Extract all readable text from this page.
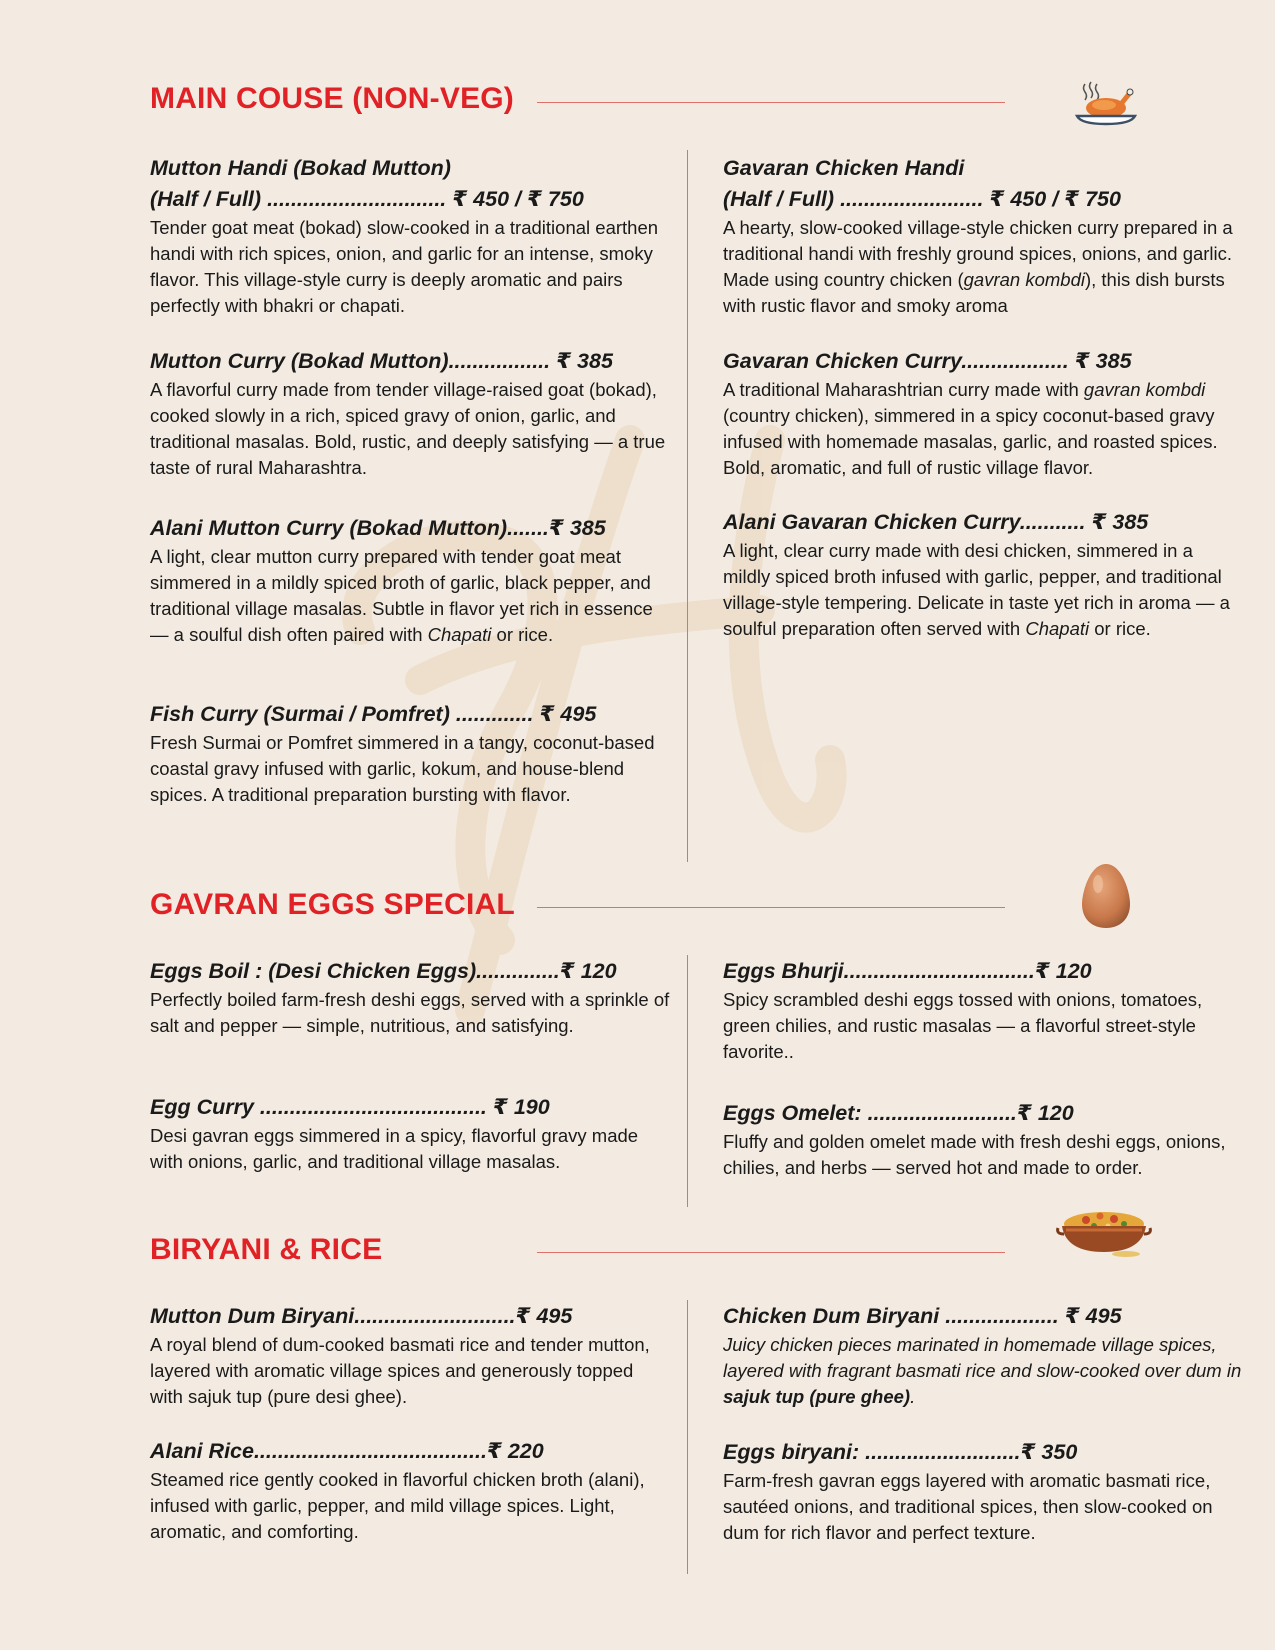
MAIN COUSE (NON-VEG)
Mutton Handi (Bokad Mutton)
(Half / Full) .............................. ₹ 450 / ₹ 750
Tender goat meat (bokad) slow-cooked in a traditional earthen handi with rich spices, onion, and garlic for an intense, smoky flavor. This village-style curry is deeply aromatic and pairs perfectly with bhakri or chapati.
Mutton Curry (Bokad Mutton)................. ₹ 385
A flavorful curry made from tender village-raised goat (bokad), cooked slowly in a rich, spiced gravy of onion, garlic, and traditional masalas. Bold, rustic, and deeply satisfying — a true taste of rural Maharashtra.
Alani Mutton Curry (Bokad Mutton).......₹ 385
A light, clear mutton curry prepared with tender goat meat simmered in a mildly spiced broth of garlic, black pepper, and traditional village masalas. Subtle in flavor yet rich in essence — a soulful dish often paired with Chapati or rice.
Fish Curry (Surmai / Pomfret) ............. ₹ 495
Fresh Surmai or Pomfret simmered in a tangy, coconut-based coastal gravy infused with garlic, kokum, and house-blend spices. A traditional preparation bursting with flavor.
Gavaran Chicken Handi
(Half / Full) ........................ ₹ 450 / ₹ 750
A hearty, slow-cooked village-style chicken curry prepared in a traditional handi with freshly ground spices, onions, and garlic. Made using country chicken (gavran kombdi), this dish bursts with rustic flavor and smoky aroma
Gavaran Chicken Curry.................. ₹ 385
A traditional Maharashtrian curry made with gavran kombdi (country chicken), simmered in a spicy coconut-based gravy infused with homemade masalas, garlic, and roasted spices. Bold, aromatic, and full of rustic village flavor.
Alani Gavaran Chicken Curry........... ₹ 385
A light, clear curry made with desi chicken, simmered in a mildly spiced broth infused with garlic, pepper, and traditional village-style tempering. Delicate in taste yet rich in aroma — a soulful preparation often served with Chapati or rice.
GAVRAN EGGS SPECIAL
Eggs Boil : (Desi Chicken Eggs)..............₹ 120
Perfectly boiled farm-fresh deshi eggs, served with a sprinkle of salt and pepper — simple, nutritious, and satisfying.
Egg Curry ...................................... ₹ 190
Desi gavran eggs simmered in a spicy, flavorful gravy made with onions, garlic, and traditional village masalas.
Eggs Bhurji................................₹ 120
Spicy scrambled deshi eggs tossed with onions, tomatoes, green chilies, and rustic masalas — a flavorful street-style favorite..
Eggs Omelet: .........................₹ 120
Fluffy and golden omelet made with fresh deshi eggs, onions, chilies, and herbs — served hot and made to order.
BIRYANI & RICE
Mutton Dum Biryani...........................₹ 495
A royal blend of dum-cooked basmati rice and tender mutton, layered with aromatic village spices and generously topped with sajuk tup (pure desi ghee).
Alani Rice.......................................₹ 220
Steamed rice gently cooked in flavorful chicken broth (alani), infused with garlic, pepper, and mild village spices. Light, aromatic, and comforting.
Chicken Dum Biryani ................... ₹ 495
Juicy chicken pieces marinated in homemade village spices, layered with fragrant basmati rice and slow-cooked over dum in sajuk tup (pure ghee).
Eggs biryani: ..........................₹ 350
Farm-fresh gavran eggs layered with aromatic basmati rice, sautéed onions, and traditional spices, then slow-cooked on dum for rich flavor and perfect texture.
